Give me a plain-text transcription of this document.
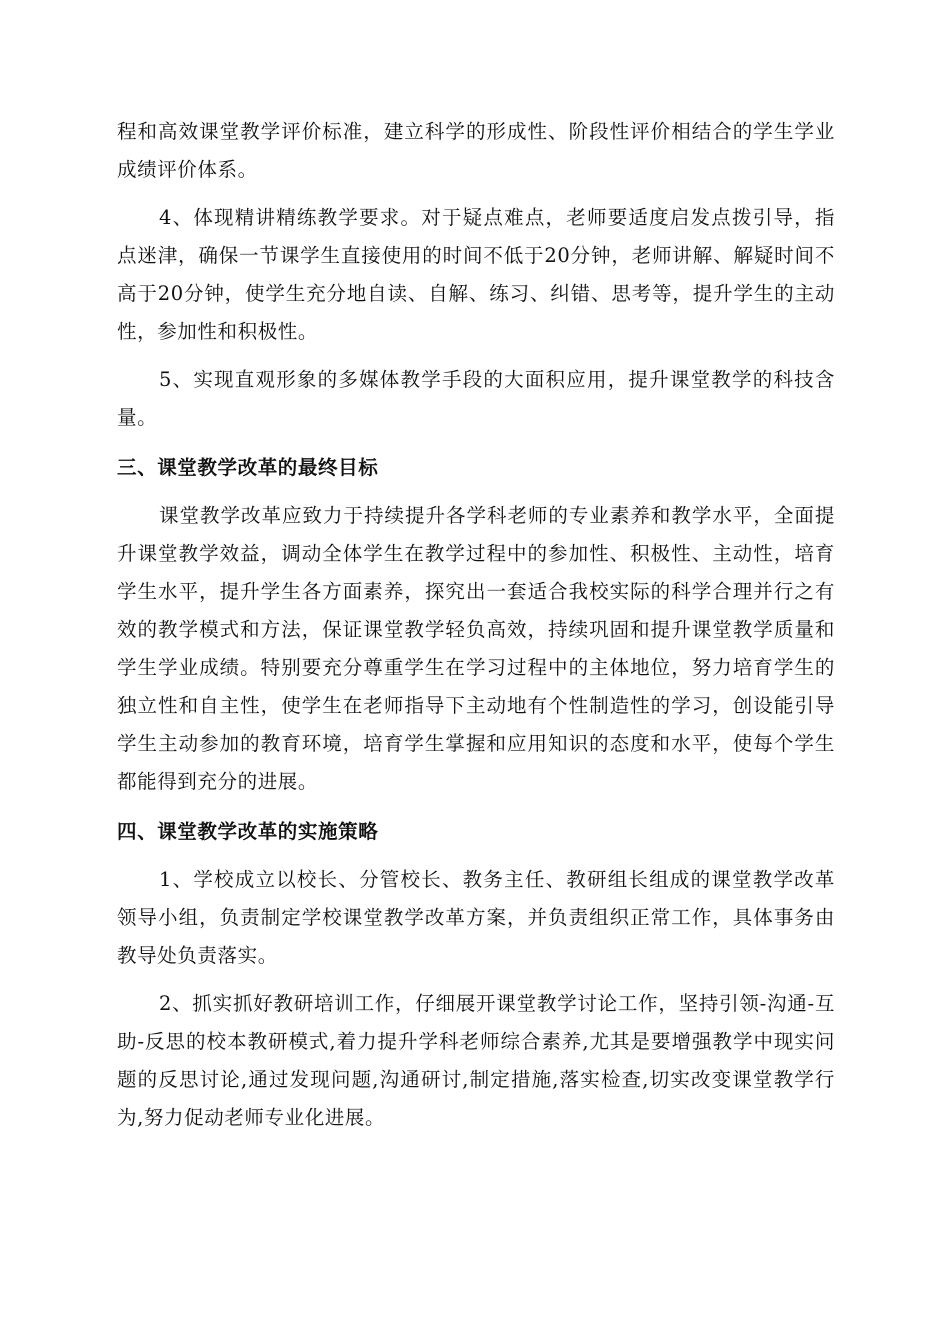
程和高效课堂教学评价标准，建立科学的形成性、阶段性评价相结合的学生学业成绩评价体系。

4、体现精讲精练教学要求。对于疑点难点，老师要适度启发点拨引导，指点迷津，确保一节课学生直接使用的时间不低于20分钟，老师讲解、解疑时间不高于20分钟，使学生充分地自读、自解、练习、纠错、思考等，提升学生的主动性，参加性和积极性。

5、实现直观形象的多媒体教学手段的大面积应用，提升课堂教学的科技含量。

三、课堂教学改革的最终目标

课堂教学改革应致力于持续提升各学科老师的专业素养和教学水平，全面提升课堂教学效益，调动全体学生在教学过程中的参加性、积极性、主动性，培育学生水平，提升学生各方面素养，探究出一套适合我校实际的科学合理并行之有效的教学模式和方法，保证课堂教学轻负高效，持续巩固和提升课堂教学质量和学生学业成绩。特别要充分尊重学生在学习过程中的主体地位，努力培育学生的独立性和自主性，使学生在老师指导下主动地有个性制造性的学习，创设能引导学生主动参加的教育环境，培育学生掌握和应用知识的态度和水平，使每个学生都能得到充分的进展。

四、课堂教学改革的实施策略

1、学校成立以校长、分管校长、教务主任、教研组长组成的课堂教学改革领导小组，负责制定学校课堂教学改革方案，并负责组织正常工作，具体事务由教导处负责落实。

2、抓实抓好教研培训工作，仔细展开课堂教学讨论工作，坚持引领-沟通-互助-反思的校本教研模式,着力提升学科老师综合素养,尤其是要增强教学中现实问题的反思讨论,通过发现问题,沟通研讨,制定措施,落实检查,切实改变课堂教学行为,努力促动老师专业化进展。
